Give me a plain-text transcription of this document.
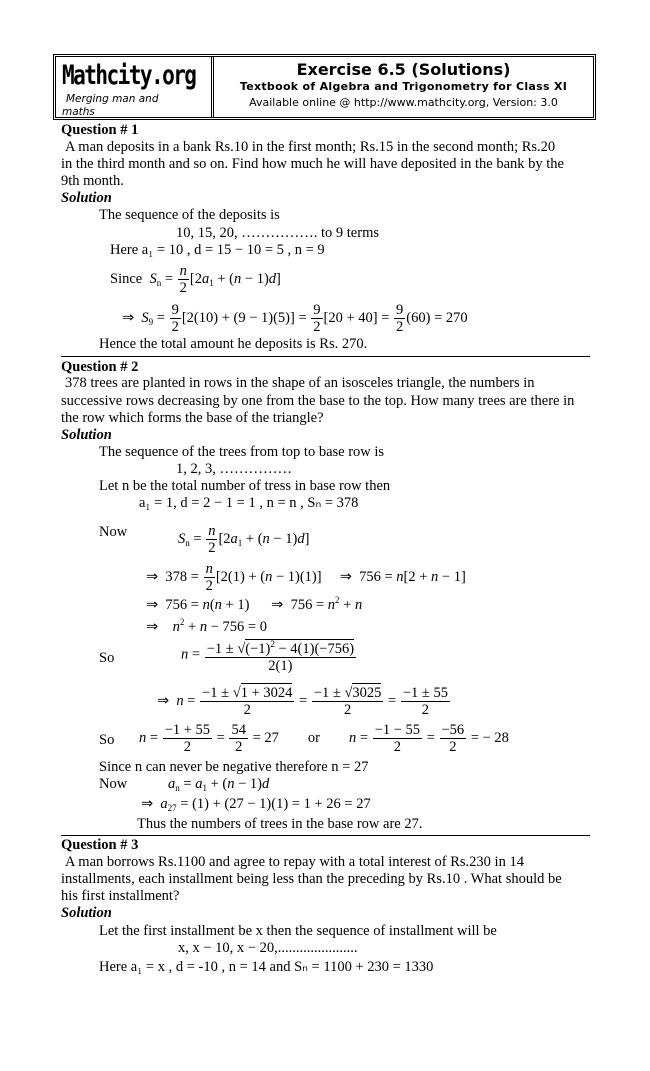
Mathcity.org
Merging man and
maths
Exercise 6.5 (Solutions)
Textbook of Algebra and Trigonometry for Class XI
Available online @ http://www.mathcity.org, Version: 3.0
Question # 1
A man deposits in a bank Rs.10 in the first month; Rs.15 in the second month; Rs.20
in the third month and so on. Find how much he will have deposited in the bank by the
9th month.
Solution
The sequence of the deposits is
10, 15, 20, ……………. to 9 terms
Here a₁ = 10 , d = 15 − 10 = 5 , n = 9
Since $S_n = \frac{n}{2} [2a_1 + (n - 1)d]$
⇒  $S_9 = \frac{9}{2} [2(10) + (9 - 1)(5)] = \frac{9}{2} [20 + 40] = \frac{9}{2} (60) = 270$
Hence the total amount he deposits is Rs. 270.
Question # 2
378 trees are planted in rows in the shape of an isosceles triangle, the numbers in
successive rows decreasing by one from the base to the top. How many trees are there in
the row which forms the base of the triangle?
Solution
The sequence of the trees from top to base row is
1, 2, 3, ……………
Let n be the total number of tress in base row then
a₁ = 1, d = 2 − 1 = 1 , n = n , Sₙ = 378
Now	$S_n = \frac{n}{2} [2a_1 + (n - 1)d]$
⇒  $378 = \frac{n}{2} [2(1) + (n - 1)(1)]$     ⇒  756 = n[2 + n − 1]
⇒  756 = n(n + 1)      ⇒  $756 = n^2 + n$
⇒    $n^2 + n - 756 = 0$
So	$n = \frac{-1 \pm √(-1)^2 - 4(1)(-756)}{2(1)}$
⇒  $n = \frac{-1 \pm √1 + 3024}{2} = \frac{-1 \pm √3025}{2} = \frac{-1 \pm 55}{2}$
So $n = \frac{-1 + 55}{2} = \frac{54}{2} = 27$        or $n = \frac{-1 - 55}{2} = \frac{-56}{2}$ = − 28
Since n can never be negative therefore n = 27
Now	$a_n = a_1 + (n - 1)d$
⇒  $a_{27} = (1) + (27 - 1)(1) = 1 + 26 = 27$
Thus the numbers of trees in the base row are 27.
Question # 3
A man borrows Rs.1100 and agree to repay with a total interest of Rs.230 in 14
installments, each installment being less than the preceding by Rs.10 . What should be
his first installment?
Solution
Let the first installment be x then the sequence of installment will be
x, x − 10, x − 20,......................
Here a₁ = x , d = -10 , n = 14 and Sₙ = 1100 + 230 = 1330
